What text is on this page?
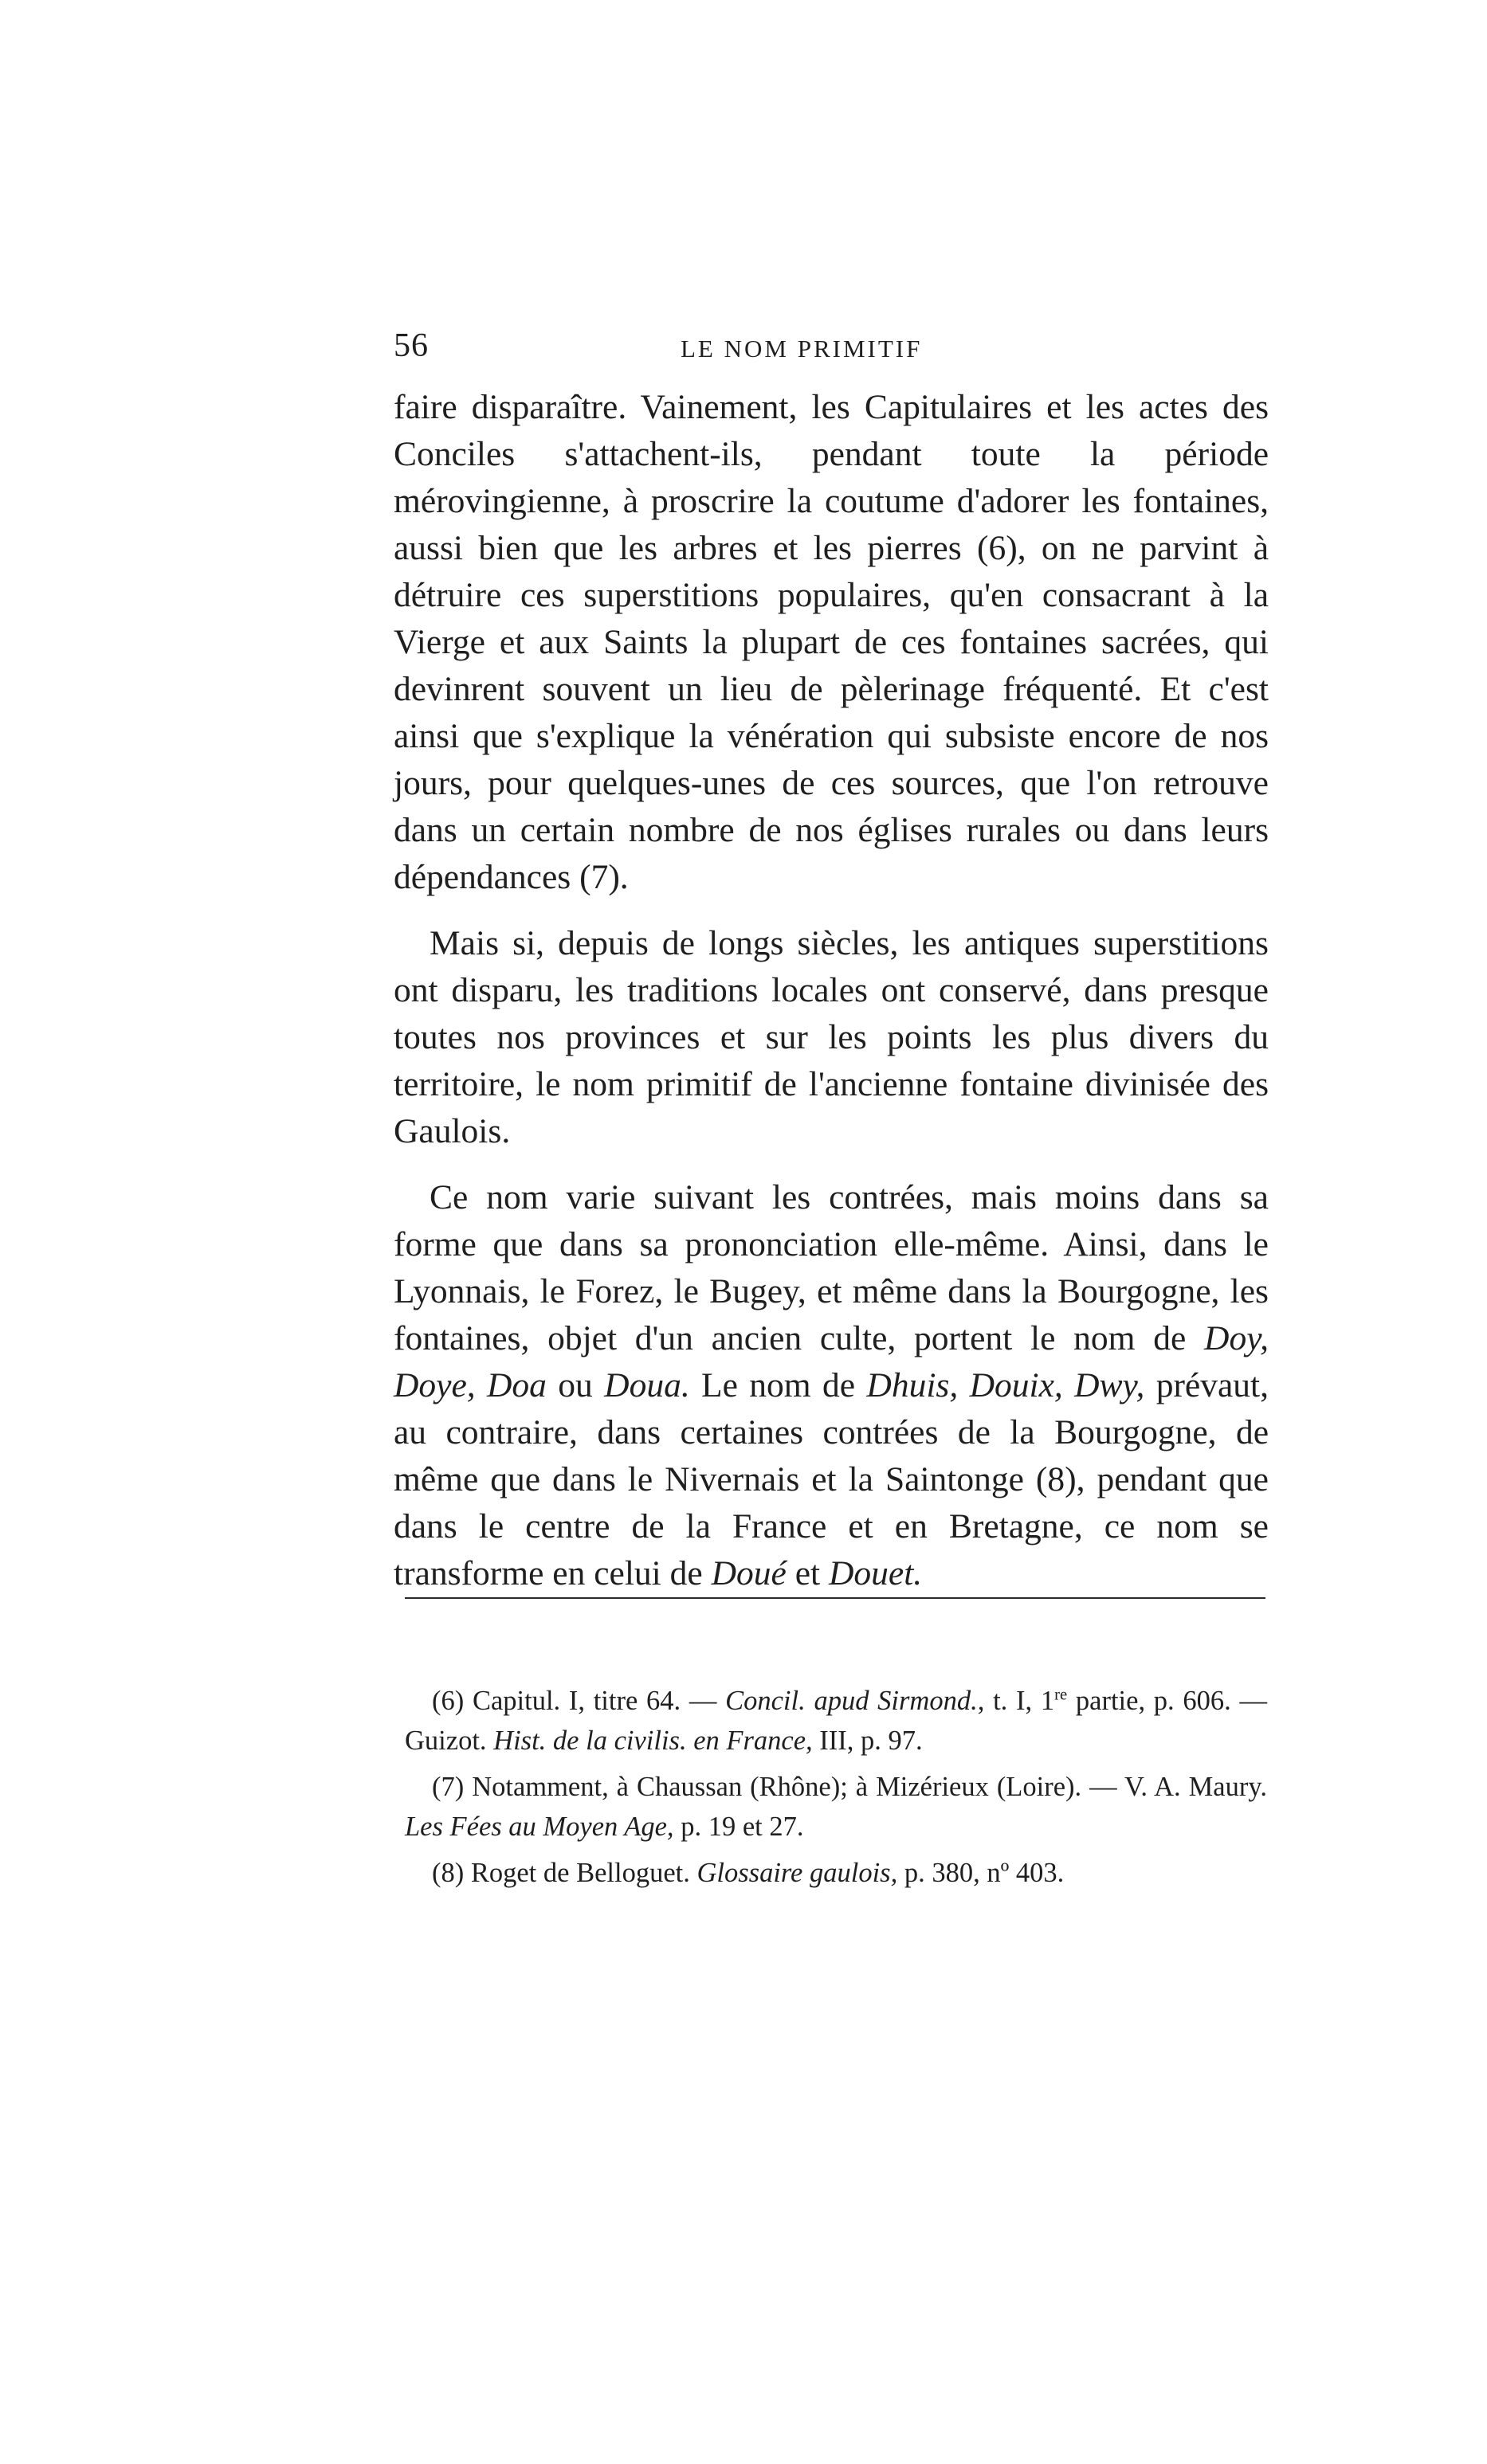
56	LE NOM PRIMITIF

faire disparaître. Vainement, les Capitulaires et les actes des Conciles s'attachent-ils, pendant toute la période mérovingienne, à proscrire la coutume d'adorer les fontaines, aussi bien que les arbres et les pierres (6), on ne parvint à détruire ces superstitions populaires, qu'en consacrant à la Vierge et aux Saints la plupart de ces fontaines sacrées, qui devinrent souvent un lieu de pèlerinage fréquenté. Et c'est ainsi que s'explique la vénération qui subsiste encore de nos jours, pour quelques-unes de ces sources, que l'on retrouve dans un certain nombre de nos églises rurales ou dans leurs dépendances (7).

Mais si, depuis de longs siècles, les antiques superstitions ont disparu, les traditions locales ont conservé, dans presque toutes nos provinces et sur les points les plus divers du territoire, le nom primitif de l'ancienne fontaine divinisée des Gaulois.

Ce nom varie suivant les contrées, mais moins dans sa forme que dans sa prononciation elle-même. Ainsi, dans le Lyonnais, le Forez, le Bugey, et même dans la Bourgogne, les fontaines, objet d'un ancien culte, portent le nom de Doy, Doye, Doa ou Doua. Le nom de Dhuis, Douix, Dwy, prévaut, au contraire, dans certaines contrées de la Bourgogne, de même que dans le Nivernais et la Saintonge (8), pendant que dans le centre de la France et en Bretagne, ce nom se transforme en celui de Doué et Douet.

(6) Capitul. I, titre 64. — Concil. apud Sirmond., t. I, 1re partie, p. 606. — Guizot. Hist. de la civilis. en France, III, p. 97.

(7) Notamment, à Chaussan (Rhône); à Mizérieux (Loire). — V. A. Maury. Les Fées au Moyen Age, p. 19 et 27.

(8) Roget de Belloguet. Glossaire gaulois, p. 380, nº 403.
